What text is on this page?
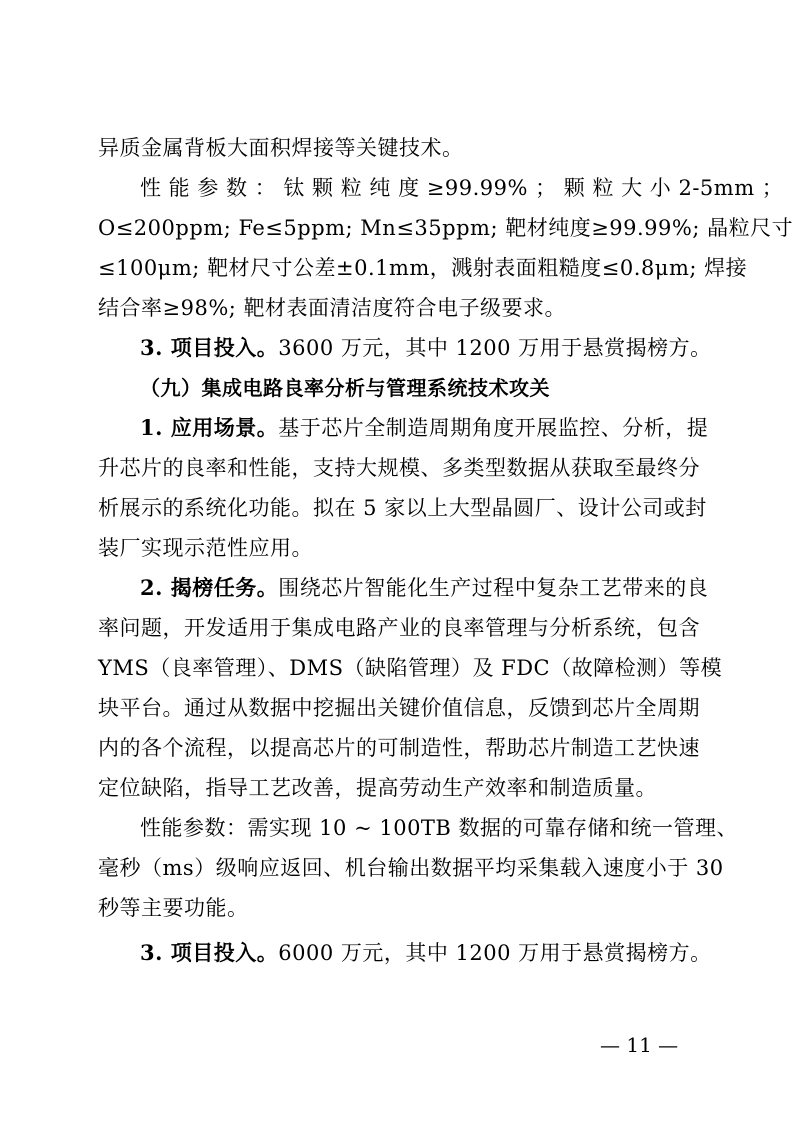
异质金属背板大面积焊接等关键技术。
性 能 参 数 ： 钛 颗 粒 纯 度 ≥99.99% ； 颗 粒 大 小 2-5mm ；
O≤200ppm; Fe≤5ppm; Mn≤35ppm; 靶材纯度≥99.99%; 晶粒尺寸
≤100μm; 靶材尺寸公差±0.1mm，溅射表面粗糙度≤0.8μm; 焊接
结合率≥98%; 靶材表面清洁度符合电子级要求。
3. 项目投入。3600 万元，其中 1200 万用于悬赏揭榜方。
（九）集成电路良率分析与管理系统技术攻关
1. 应用场景。基于芯片全制造周期角度开展监控、分析，提
升芯片的良率和性能，支持大规模、多类型数据从获取至最终分
析展示的系统化功能。拟在 5 家以上大型晶圆厂、设计公司或封
装厂实现示范性应用。
2. 揭榜任务。围绕芯片智能化生产过程中复杂工艺带来的良
率问题，开发适用于集成电路产业的良率管理与分析系统，包含
YMS（良率管理）、DMS（缺陷管理）及 FDC（故障检测）等模
块平台。通过从数据中挖掘出关键价值信息，反馈到芯片全周期
内的各个流程，以提高芯片的可制造性，帮助芯片制造工艺快速
定位缺陷，指导工艺改善，提高劳动生产效率和制造质量。
性能参数：需实现 10 ~ 100TB 数据的可靠存储和统一管理、
毫秒（ms）级响应返回、机台输出数据平均采集载入速度小于 30
秒等主要功能。
3. 项目投入。6000 万元，其中 1200 万用于悬赏揭榜方。
— 11 —
